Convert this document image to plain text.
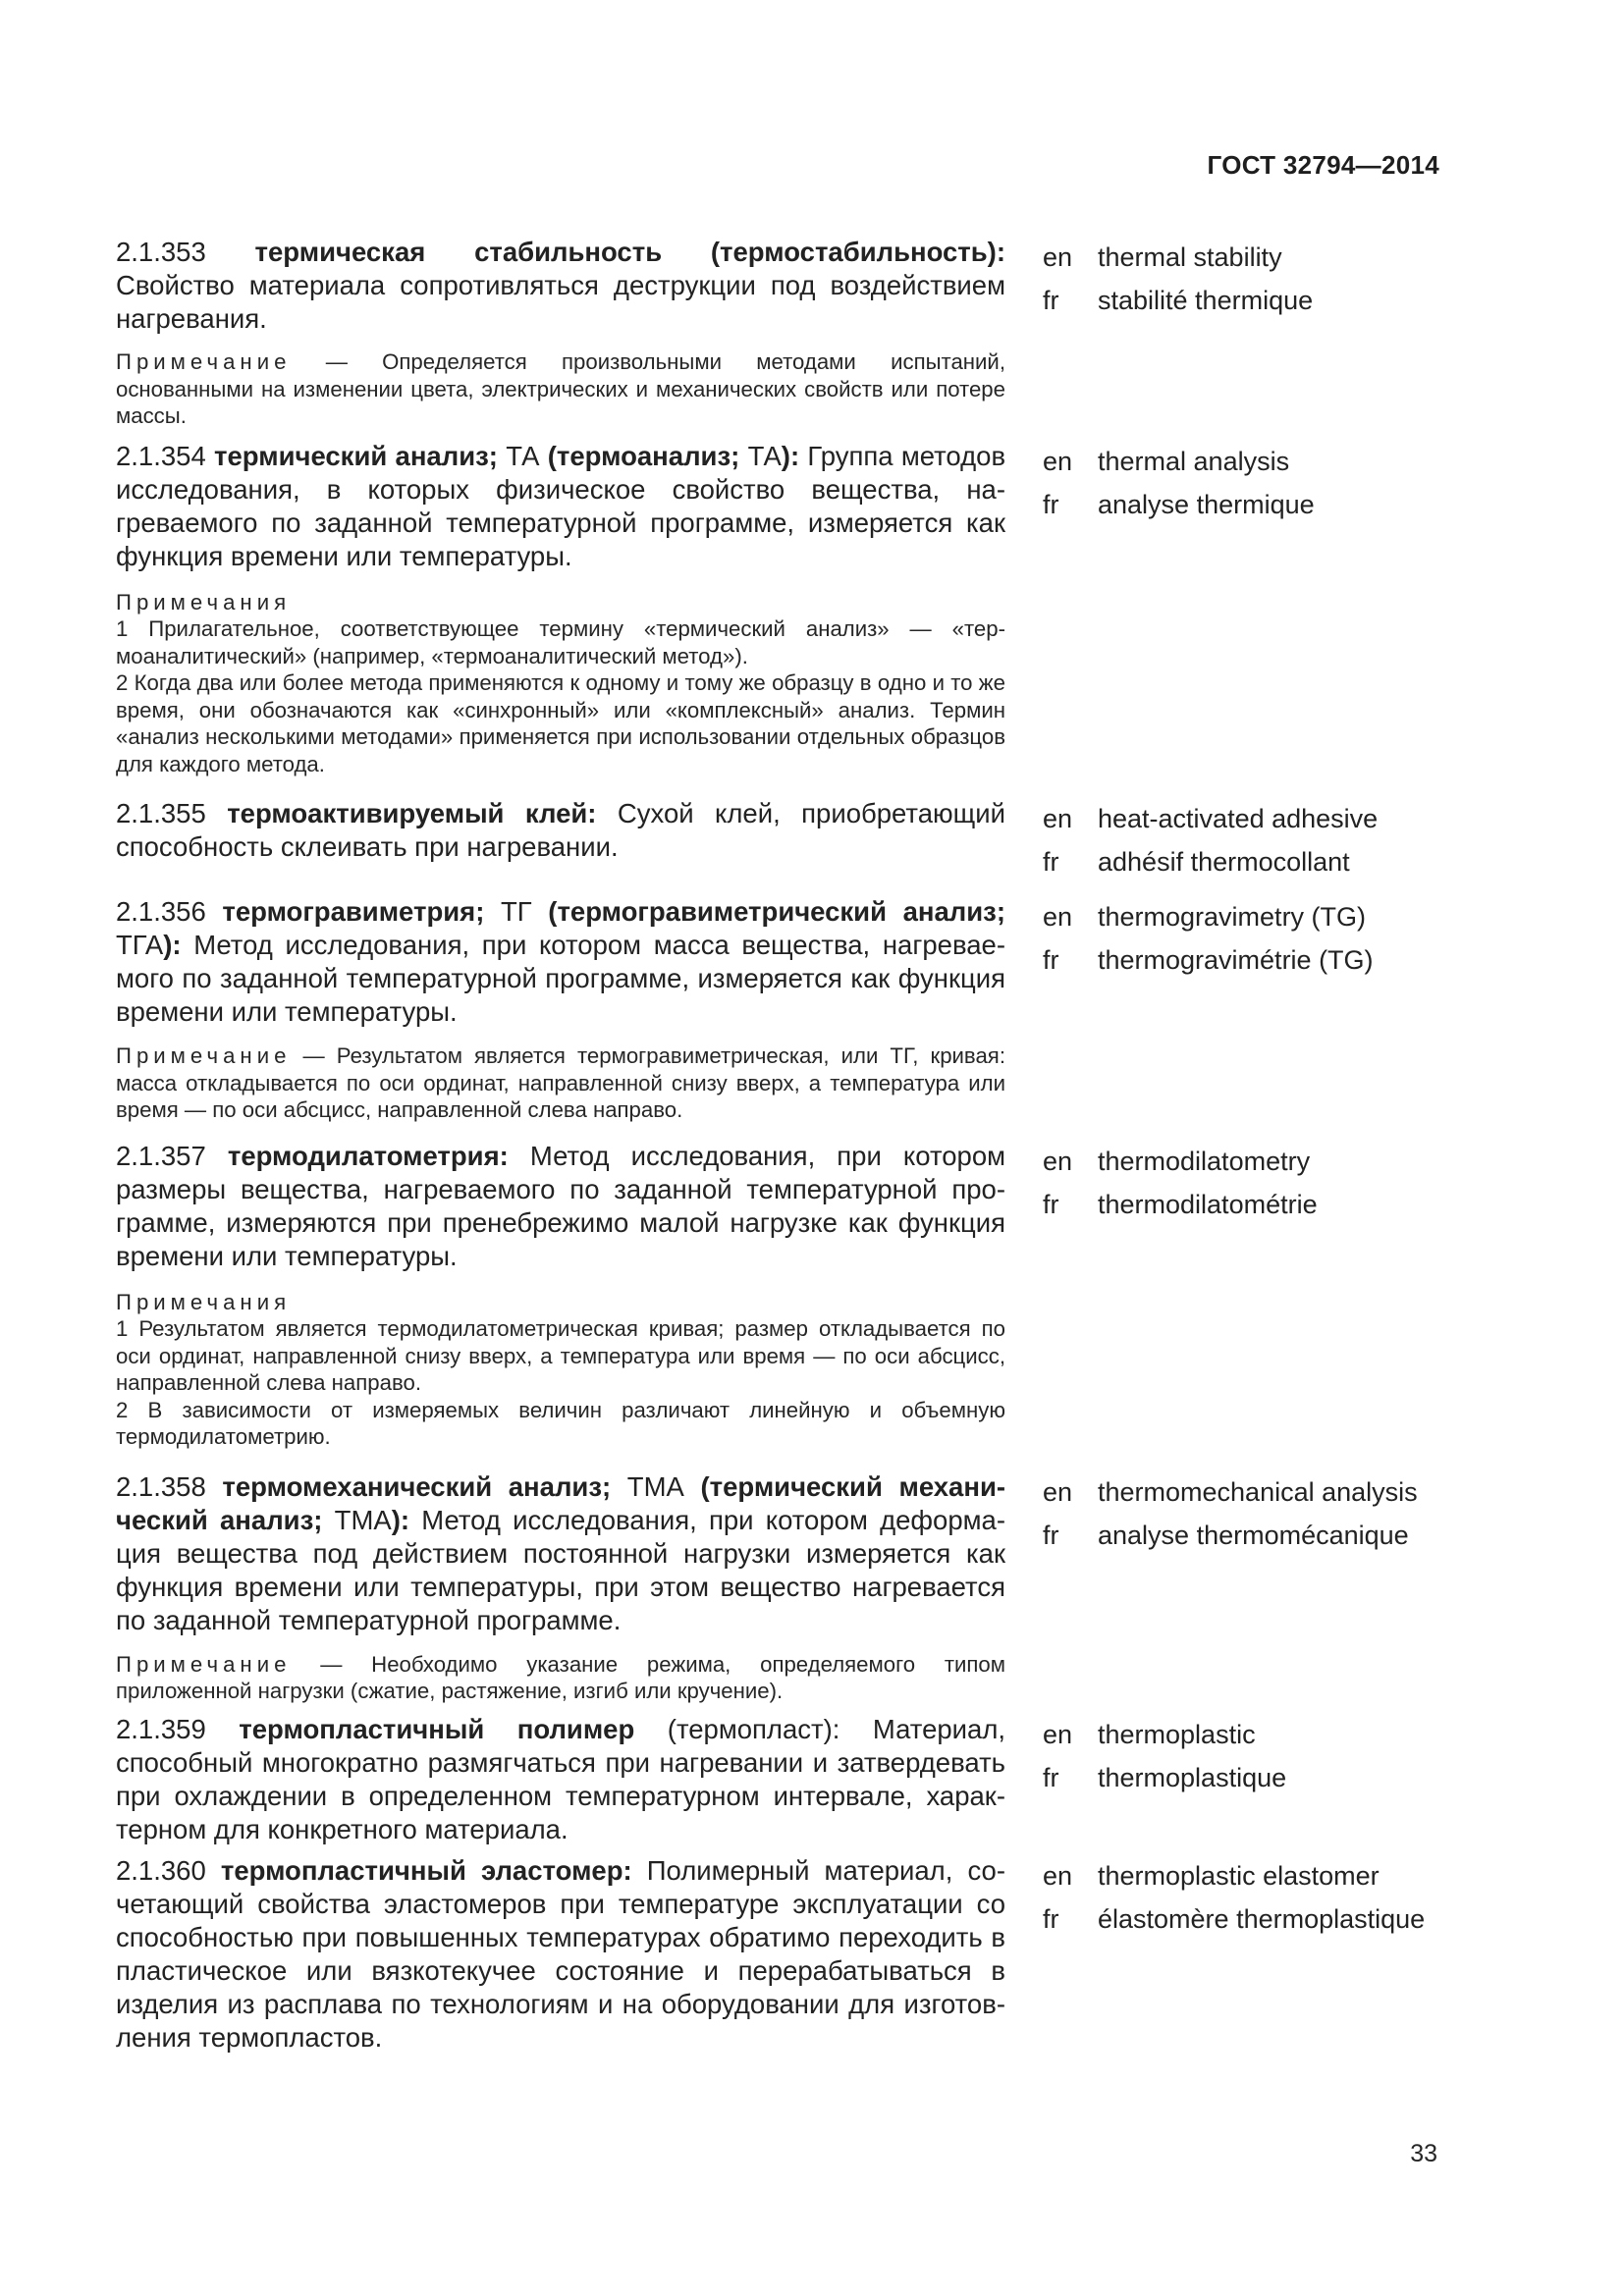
ГОСТ 32794—2014

2.1.353 термическая стабильность (термостабильность): Свойство материала сопротивляться деструкции под воздействием нагревания.

Примечание — Определяется произвольными методами испытаний, основанными на изменении цвета, электрических и механических свойств или потере массы.

en thermal stability
fr	stabilité thermique

2.1.354 термический анализ; ТА (термоанализ; ТА): Группа методов исследования, в которых физическое свойство вещества, нагреваемого по заданной температурной программе, измеряется как функция времени или температуры.

Примечания

1 Прилагательное, соответствующее термину «термический анализ» — «термоаналитический» (например, «термоаналитический метод»).

2 Когда два или более метода применяются к одному и тому же образцу в одно и то же время, они обозначаются как «синхронный» или «комплексный» анализ. Термин «анализ несколькими методами» применяется при использовании отдельных образцов для каждого метода.

en thermal analysis
fr	analyse thermique

2.1.355 термоактивируемый клей: Сухой клей, приобретающий способность склеивать при нагревании.

en heat-activated adhesive
fr	adhésif thermocollant

2.1.356 термогравиметрия; ТГ (термогравиметрический анализ; ТГА): Метод исследования, при котором масса вещества, нагреваемого по заданной температурной программе, измеряется как функция времени или температуры.

Примечание — Результатом является термогравиметрическая, или ТГ, кривая: масса откладывается по оси ординат, направленной снизу вверх, а температура или время — по оси абсцисс, направленной слева направо.

en thermogravimetry (TG)
fr	thermogravimétrie (TG)

2.1.357 термодилатометрия: Метод исследования, при котором размеры вещества, нагреваемого по заданной температурной программе, измеряются при пренебрежимо малой нагрузке как функция времени или температуры.

Примечания

1 Результатом является термодилатометрическая кривая; размер откладывается по оси ординат, направленной снизу вверх, а температура или время — по оси абсцисс, направленной слева направо.

2 В зависимости от измеряемых величин различают линейную и объемную термодилатометрию.

en thermodilatometry
fr	thermodilatométrie

2.1.358 термомеханический анализ; ТМА (термический механический анализ; ТМА): Метод исследования, при котором деформация вещества под действием постоянной нагрузки измеряется как функция времени или температуры, при этом вещество нагревается по заданной температурной программе.

Примечание — Необходимо указание режима, определяемого типом приложенной нагрузки (сжатие, растяжение, изгиб или кручение).

en thermomechanical analysis
fr	analyse thermomécanique

2.1.359 термопластичный полимер (термопласт): Материал, способный многократно размягчаться при нагревании и затвердевать при охлаждении в определенном температурном интервале, характерном для конкретного материала.

en thermoplastic
fr	thermoplastique

2.1.360 термопластичный эластомер: Полимерный материал, сочетающий свойства эластомеров при температуре эксплуатации со способностью при повышенных температурах обратимо переходить в пластическое или вязкотекучее состояние и перерабатываться в изделия из расплава по технологиям и на оборудовании для изготовления термопластов.

en thermoplastic elastomer
fr	élastomère thermoplastique
33
